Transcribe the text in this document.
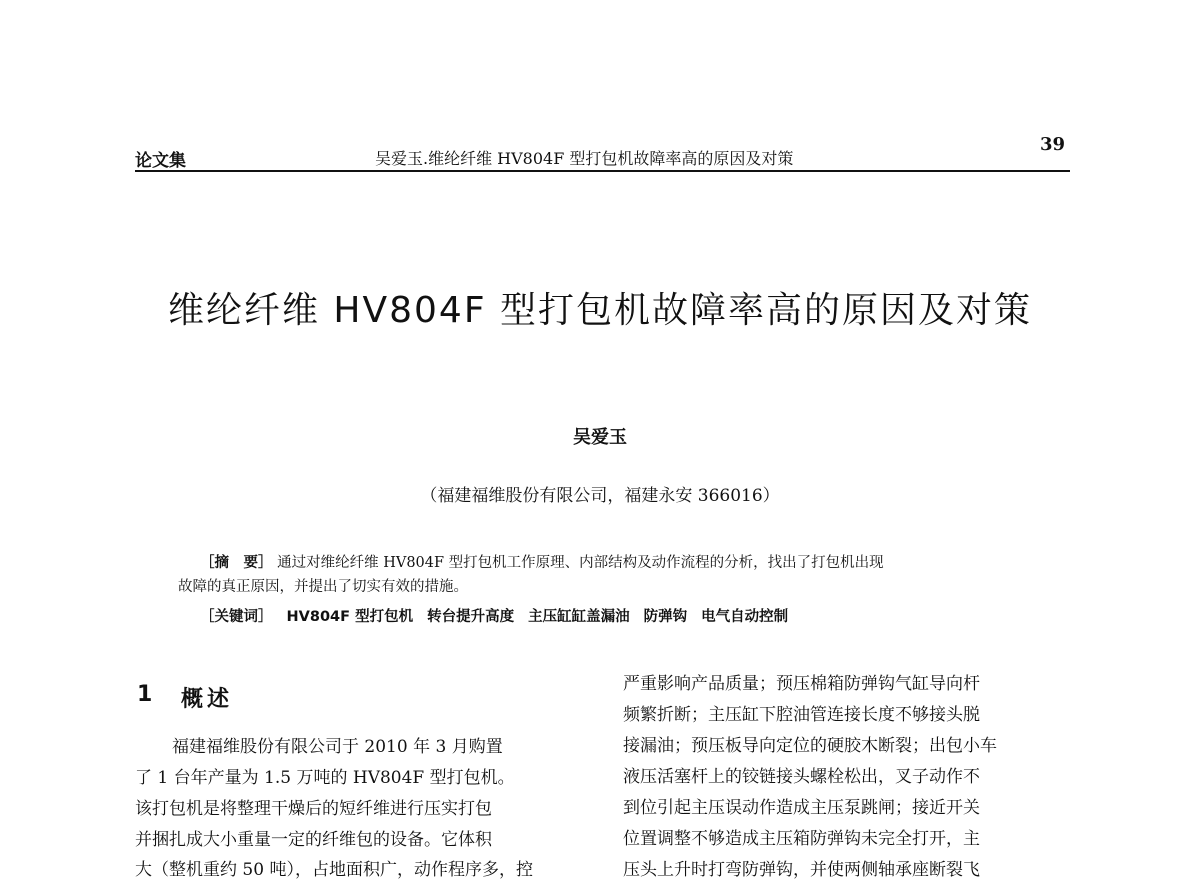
论文集	吴爱玉.维纶纤维 HV804F 型打包机故障率高的原因及对策
39
维纶纤维 HV804F 型打包机故障率高的原因及对策
吴爱玉
（福建福维股份有限公司，福建永安 366016）
［摘　要］ 通过对维纶纤维 HV804F 型打包机工作原理、内部结构及动作流程的分析，找出了打包机出现
故障的真正原因，并提出了切实有效的措施。
［关键词］ HV804F 型打包机 转台提升高度 主压缸缸盖漏油 防弹钩 电气自动控制
1 概述
福建福维股份有限公司于 2010 年 3 月购置
了 1 台年产量为 1.5 万吨的 HV804F 型打包机。
该打包机是将整理干燥后的短纤维进行压实打包
并捆扎成大小重量一定的纤维包的设备。它体积
大（整机重约 50 吨），占地面积广，动作程序多，控
严重影响产品质量；预压棉箱防弹钩气缸导向杆
频繁折断；主压缸下腔油管连接长度不够接头脱
接漏油；预压板导向定位的硬胶木断裂；出包小车
液压活塞杆上的铰链接头螺栓松出，叉子动作不
到位引起主压误动作造成主压泵跳闸；接近开关
位置调整不够造成主压箱防弹钩未完全打开，主
压头上升时打弯防弹钩，并使两侧轴承座断裂飞
